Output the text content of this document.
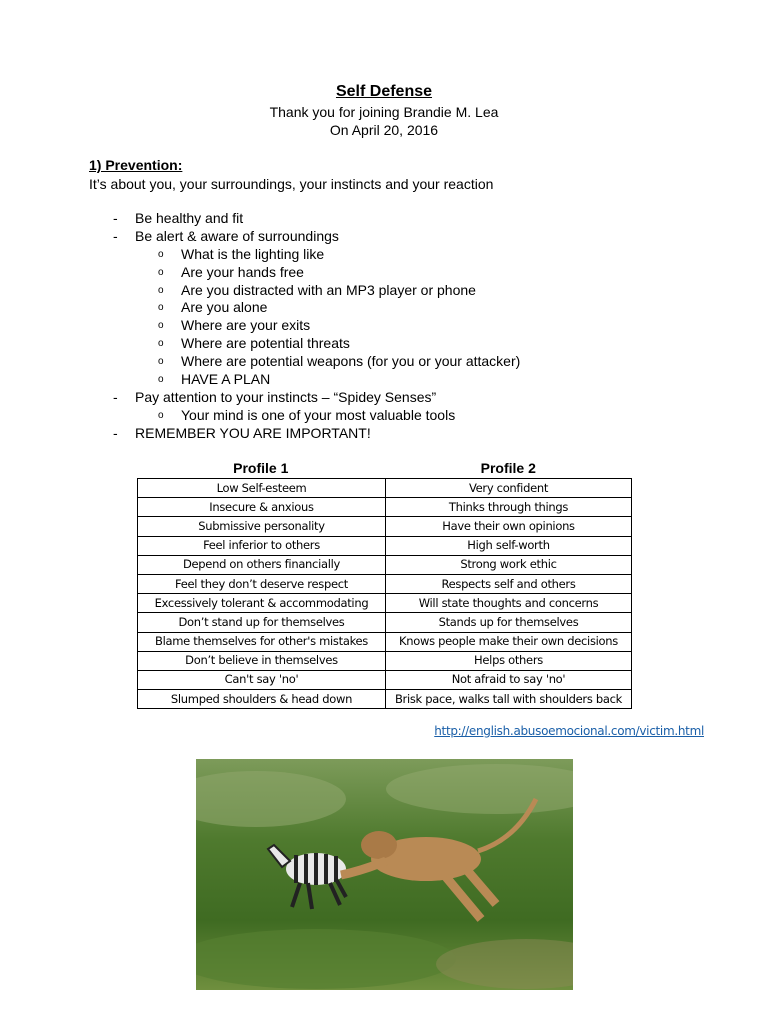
Self Defense
Thank you for joining Brandie M. Lea
On April 20, 2016
1) Prevention:
It’s about you, your surroundings, your instincts and your reaction
- Be healthy and fit
- Be alert & aware of surroundings
o What is the lighting like
o Are your hands free
o Are you distracted with an MP3 player or phone
o Are you alone
o Where are your exits
o Where are potential threats
o Where are potential weapons (for you or your attacker)
o HAVE A PLAN
- Pay attention to your instincts – “Spidey Senses”
o Your mind is one of your most valuable tools
- REMEMBER YOU ARE IMPORTANT!
Profile 1	Profile 2
Low Self-esteem	Very confident
Insecure & anxious	Thinks through things
Submissive personality	Have their own opinions
Feel inferior to others	High self-worth
Depend on others financially	Strong work ethic
Feel they don’t deserve respect	Respects self and others
Excessively tolerant & accommodating	Will state thoughts and concerns
Don’t stand up for themselves	Stands up for themselves
Blame themselves for other's mistakes	Knows people make their own decisions
Don’t believe in themselves	Helps others
Can't say 'no'	Not afraid to say 'no'
Slumped shoulders & head down	Brisk pace, walks tall with shoulders back
http://english.abusoemocional.com/victim.html
